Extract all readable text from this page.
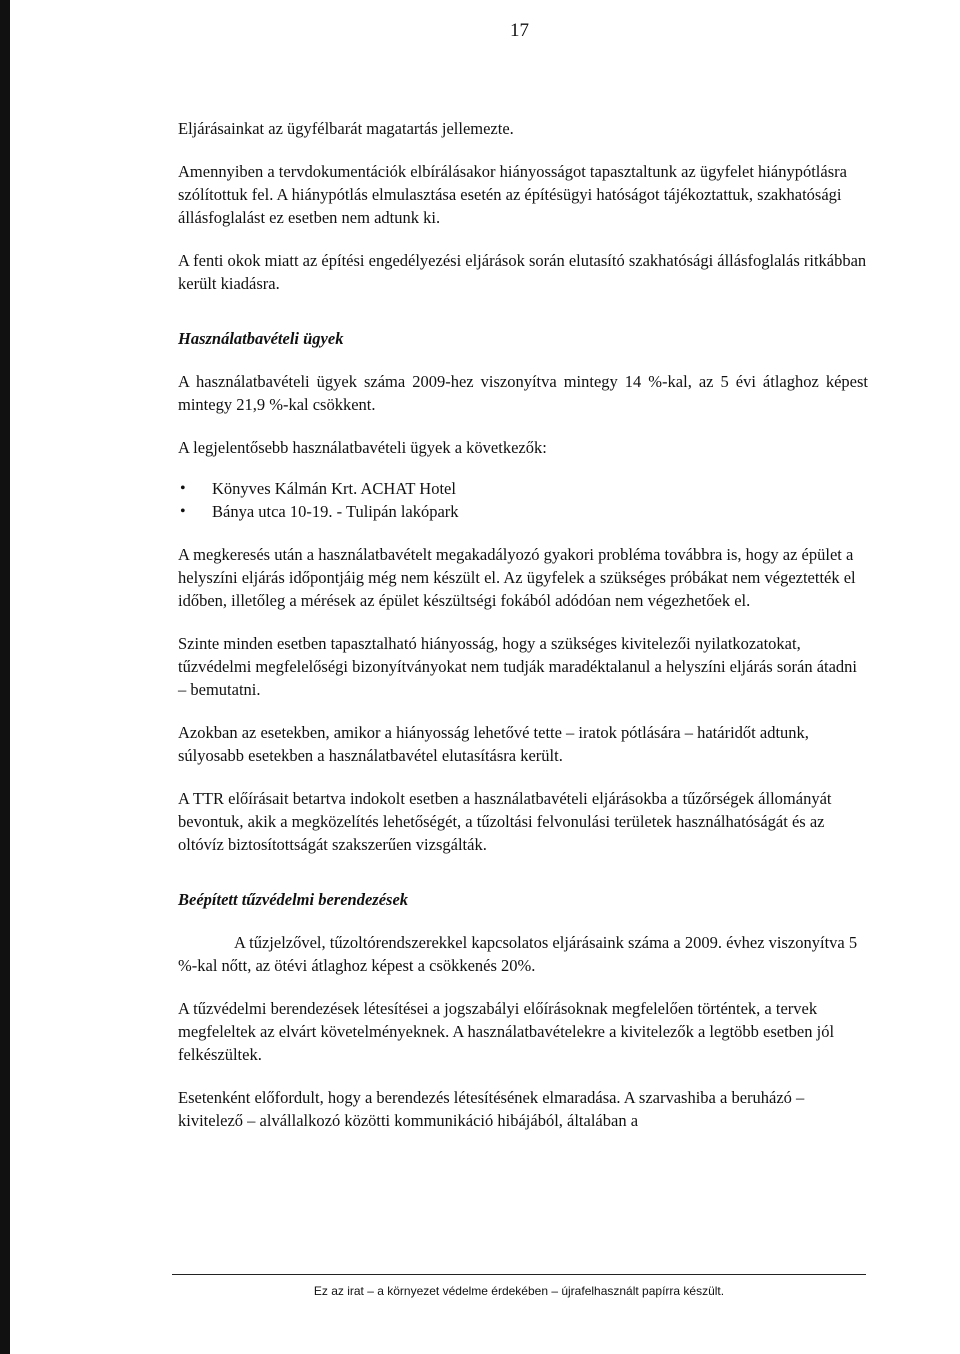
17

Eljárásainkat az ügyfélbarát magatartás jellemezte.

Amennyiben a tervdokumentációk elbírálásakor hiányosságot tapasztaltunk az ügyfelet hiánypótlásra szólítottuk fel. A hiánypótlás elmulasztása esetén az építésügyi hatóságot tájékoztattuk, szakhatósági állásfoglalást ez esetben nem adtunk ki.

A fenti okok miatt az építési engedélyezési eljárások során elutasító szakhatósági állásfoglalás ritkábban került kiadásra.

Használatbavételi ügyek

A használatbavételi ügyek száma 2009-hez viszonyítva mintegy 14 %-kal, az 5 évi átlaghoz képest mintegy 21,9 %-kal csökkent.

A legjelentősebb használatbavételi ügyek a következők:

• Könyves Kálmán Krt. ACHAT Hotel
• Bánya utca 10-19. - Tulipán lakópark

A megkeresés után a használatbavételt megakadályozó gyakori probléma továbbra is, hogy az épület a helyszíni eljárás időpontjáig még nem készült el. Az ügyfelek a szükséges próbákat nem végeztették el időben, illetőleg a mérések az épület készültségi fokából adódóan nem végezhetőek el.

Szinte minden esetben tapasztalható hiányosság, hogy a szükséges kivitelezői nyilatkozatokat, tűzvédelmi megfelelőségi bizonyítványokat nem tudják maradéktalanul a helyszíni eljárás során átadni – bemutatni.

Azokban az esetekben, amikor a hiányosság lehetővé tette – iratok pótlására – határidőt adtunk, súlyosabb esetekben a használatbavétel elutasításra került.

A TTR előírásait betartva indokolt esetben a használatbavételi eljárásokba a tűzőrségek állományát bevontuk, akik a megközelítés lehetőségét, a tűzoltási felvonulási területek használhatóságát és az oltóvíz biztosítottságát szakszerűen vizsgálták.

Beépített tűzvédelmi berendezések

A tűzjelzővel, tűzoltórendszerekkel kapcsolatos eljárásaink száma a 2009. évhez viszonyítva 5 %-kal nőtt, az ötévi átlaghoz képest a csökkenés 20%.

A tűzvédelmi berendezések létesítései a jogszabályi előírásoknak megfelelően történtek, a tervek megfeleltek az elvárt követelményeknek. A használatbavételekre a kivitelezők a legtöbb esetben jól felkészültek.

Esetenként előfordult, hogy a berendezés létesítésének elmaradása. A szarvashiba a beruházó – kivitelező – alvállalkozó közötti kommunikáció hibájából, általában a

Ez az irat – a környezet védelme érdekében – újrafelhasznált papírra készült.
